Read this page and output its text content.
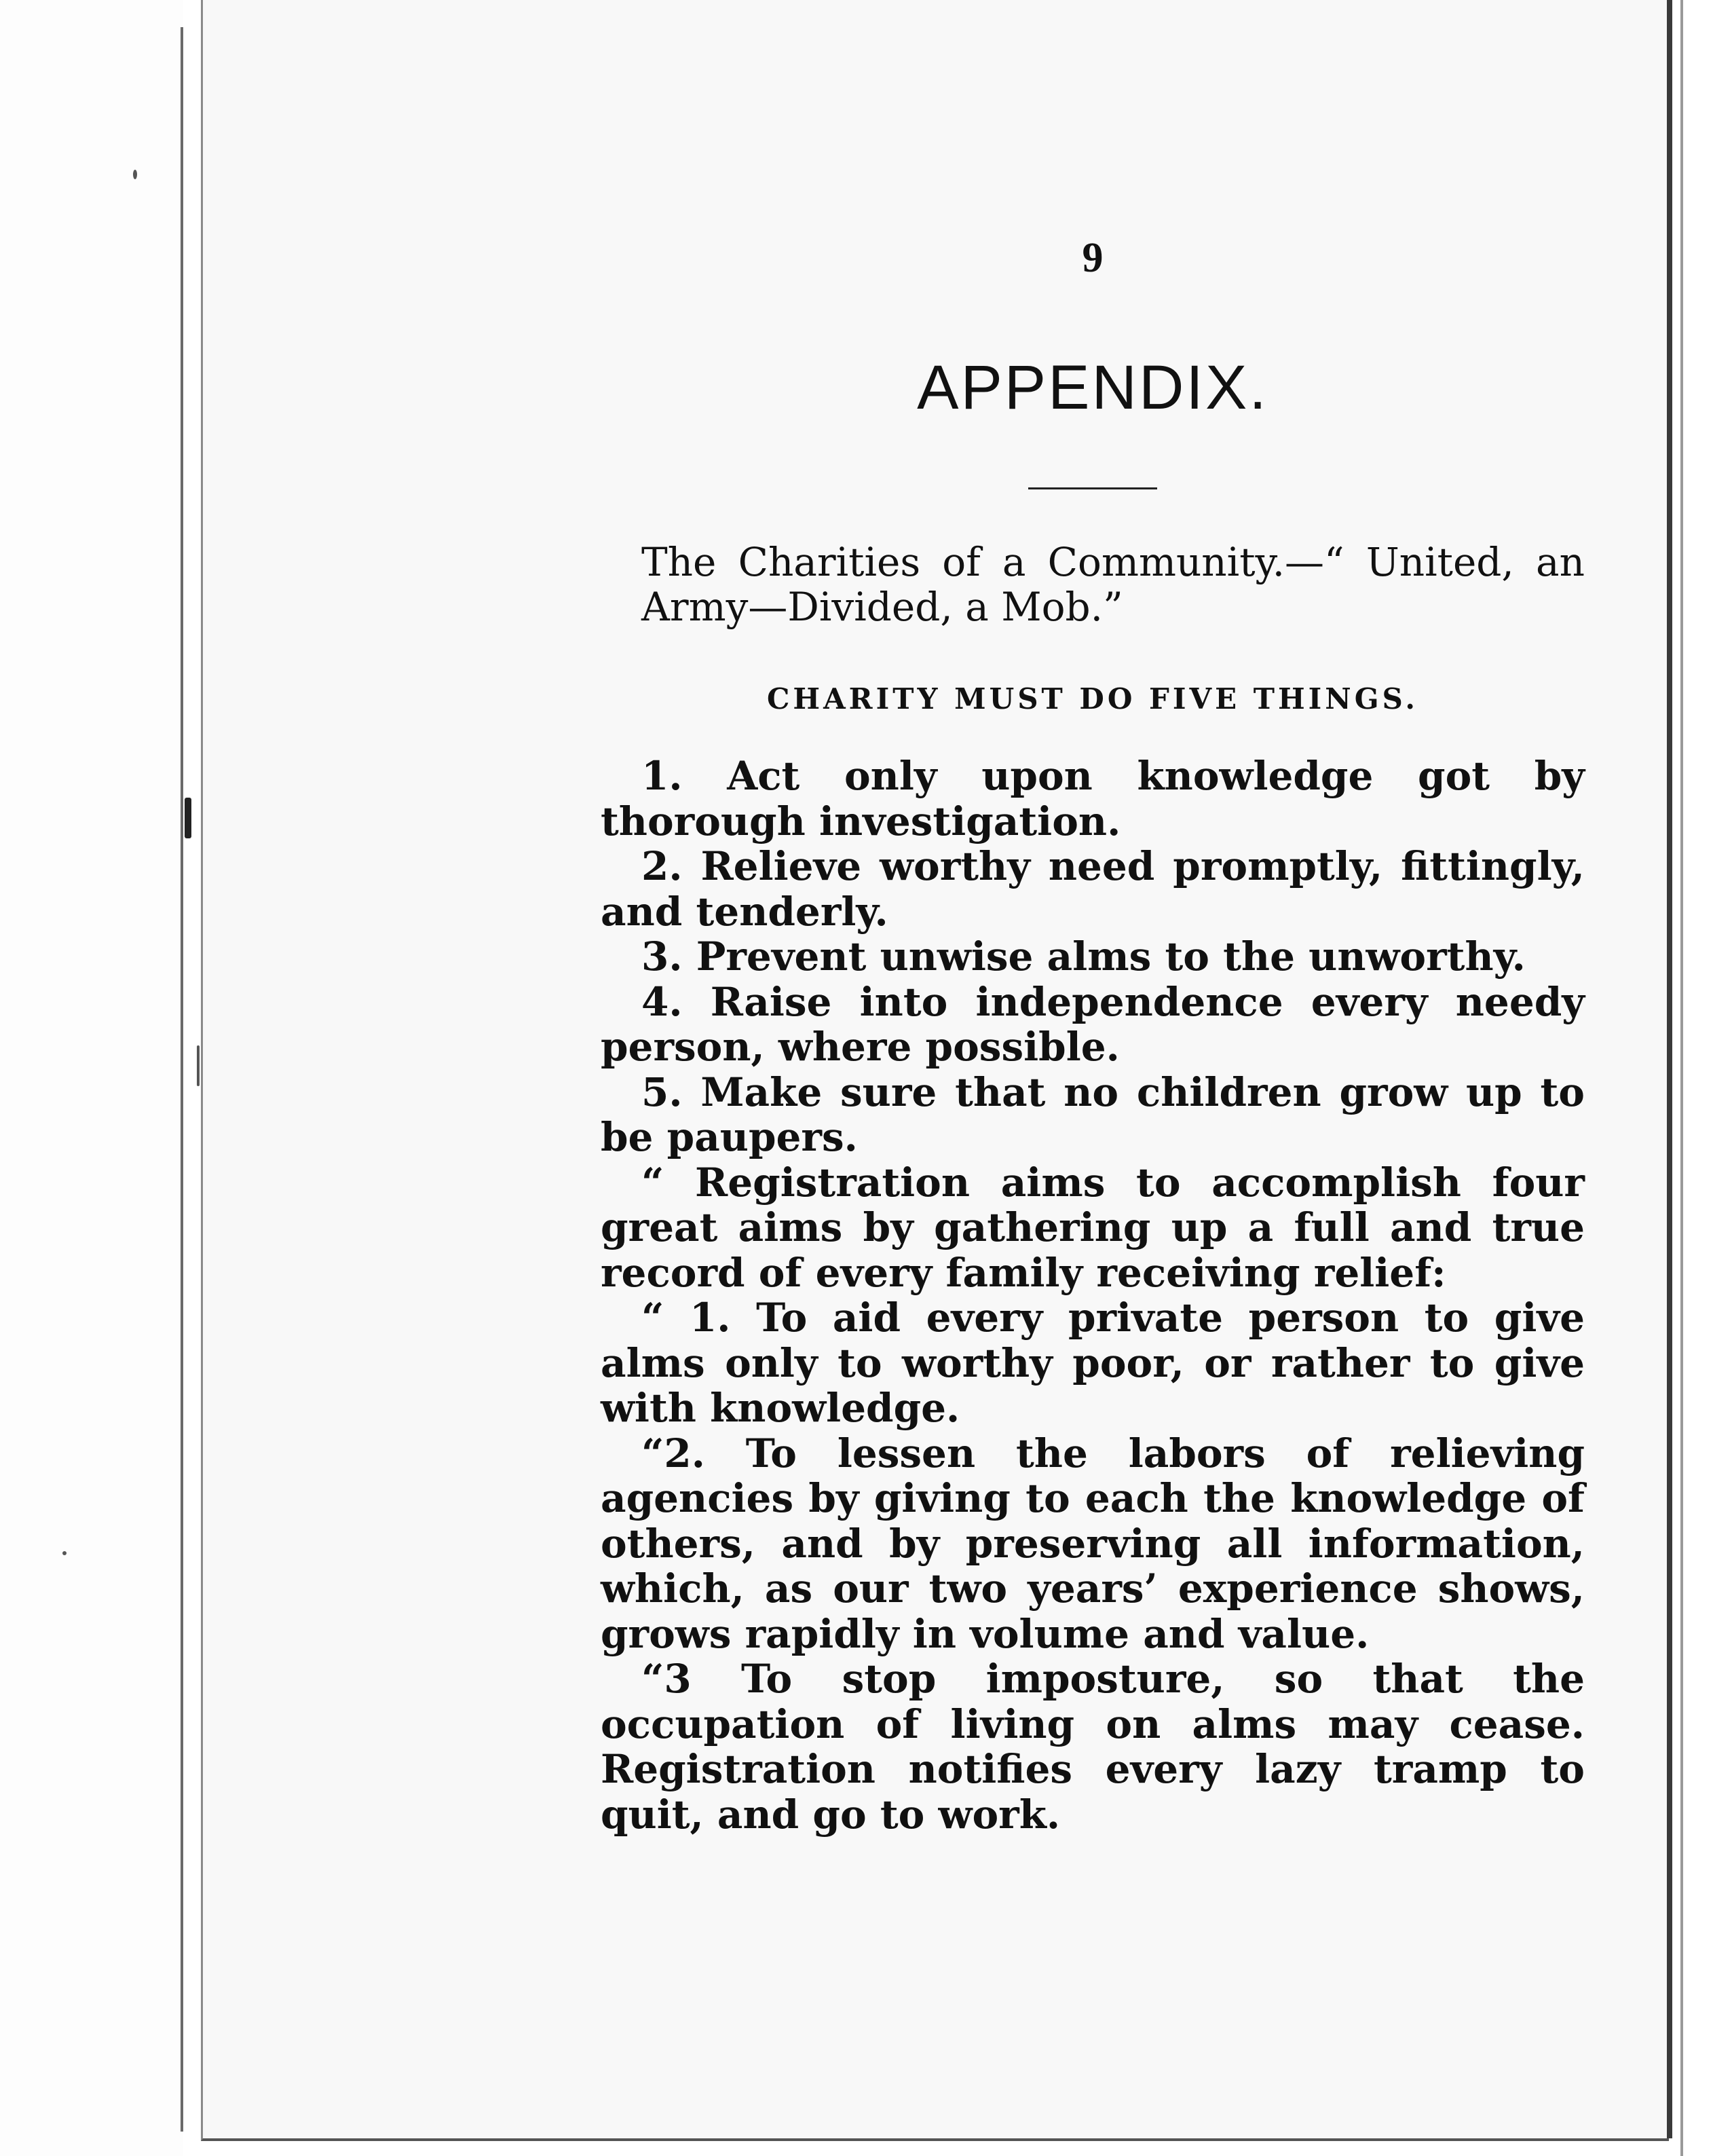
9
APPENDIX.
The Charities of a Community.—“ United, an Army—Divided, a Mob.”
CHARITY MUST DO FIVE THINGS.

1. Act only upon knowledge got by thorough investigation.

2. Relieve worthy need promptly, fittingly, and tenderly.

3. Prevent unwise alms to the unworthy.

4. Raise into independence every needy person, where possible.

5. Make sure that no children grow up to be paupers.

“ Registration aims to accomplish four great aims by gathering up a full and true record of every family receiving relief:

“ 1. To aid every private person to give alms only to worthy poor, or rather to give with knowledge.

“2. To lessen the labors of relieving agencies by giving to each the knowledge of others, and by preserving all information, which, as our two years’ experience shows, grows rapidly in volume and value.

“3 To stop imposture, so that the occupation of living on alms may cease. Registration notifies every lazy tramp to quit, and go to work.
